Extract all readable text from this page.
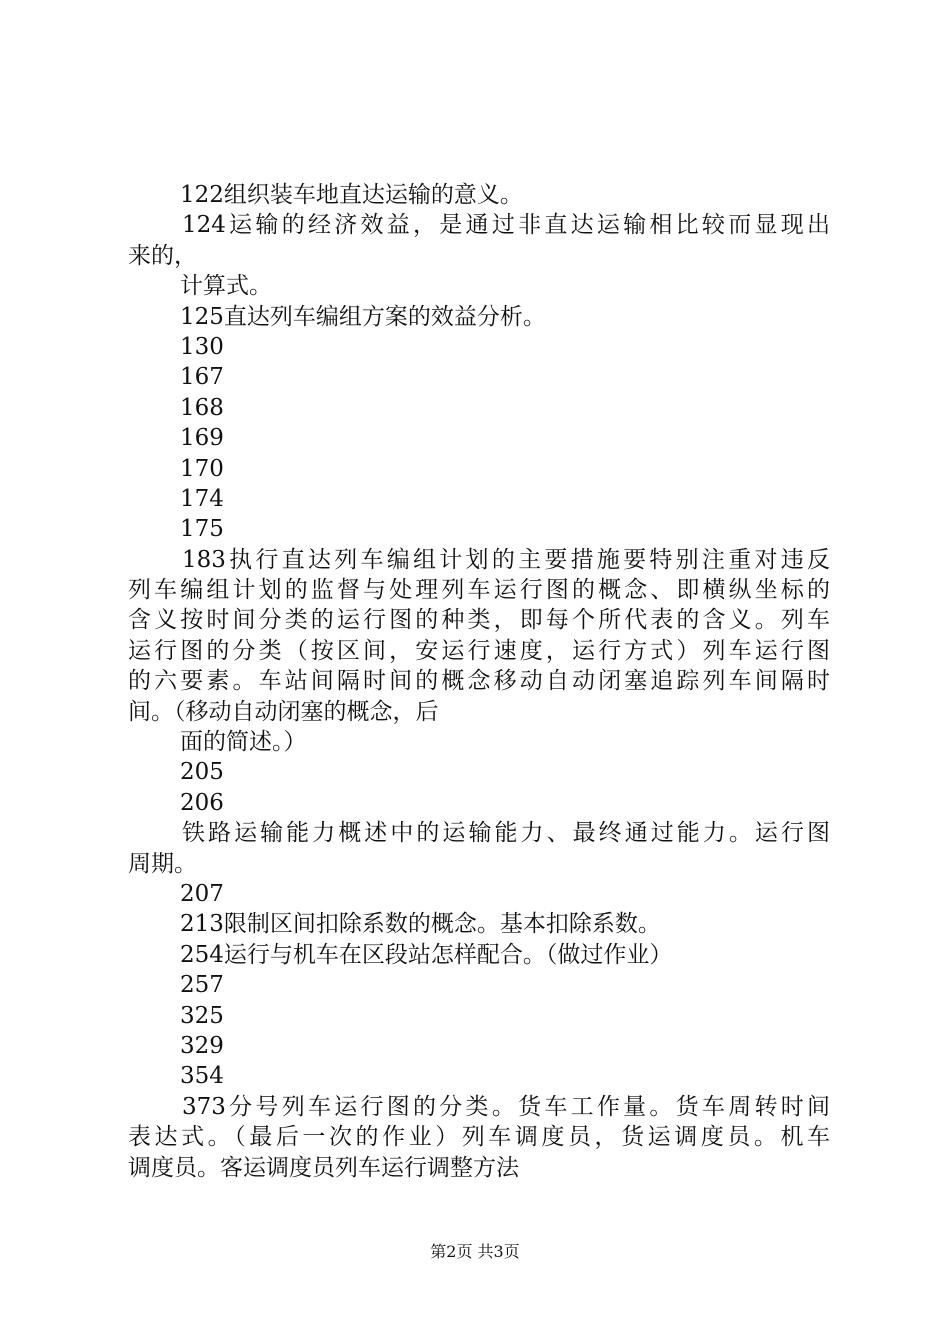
122组织装车地直达运输的意义。

124运输的经济效益，是通过非直达运输相比较而显现出

来的，

计算式。

125直达列车编组方案的效益分析。

130

167

168

169

170

174

175

183执行直达列车编组计划的主要措施要特别注重对违反

列车编组计划的监督与处理列车运行图的概念、即横纵坐标的

含义按时间分类的运行图的种类，即每个所代表的含义。列车

运行图的分类（按区间，安运行速度，运行方式）列车运行图

的六要素。车站间隔时间的概念移动自动闭塞追踪列车间隔时

间。（移动自动闭塞的概念，后

面的简述。）

205

206

铁路运输能力概述中的运输能力、最终通过能力。运行图

周期。

207

213限制区间扣除系数的概念。基本扣除系数。

254运行与机车在区段站怎样配合。（做过作业）

257

325

329

354

373分号列车运行图的分类。货车工作量。货车周转时间

表达式。（最后一次的作业）列车调度员，货运调度员。机车

调度员。客运调度员列车运行调整方法

第2页 共3页
